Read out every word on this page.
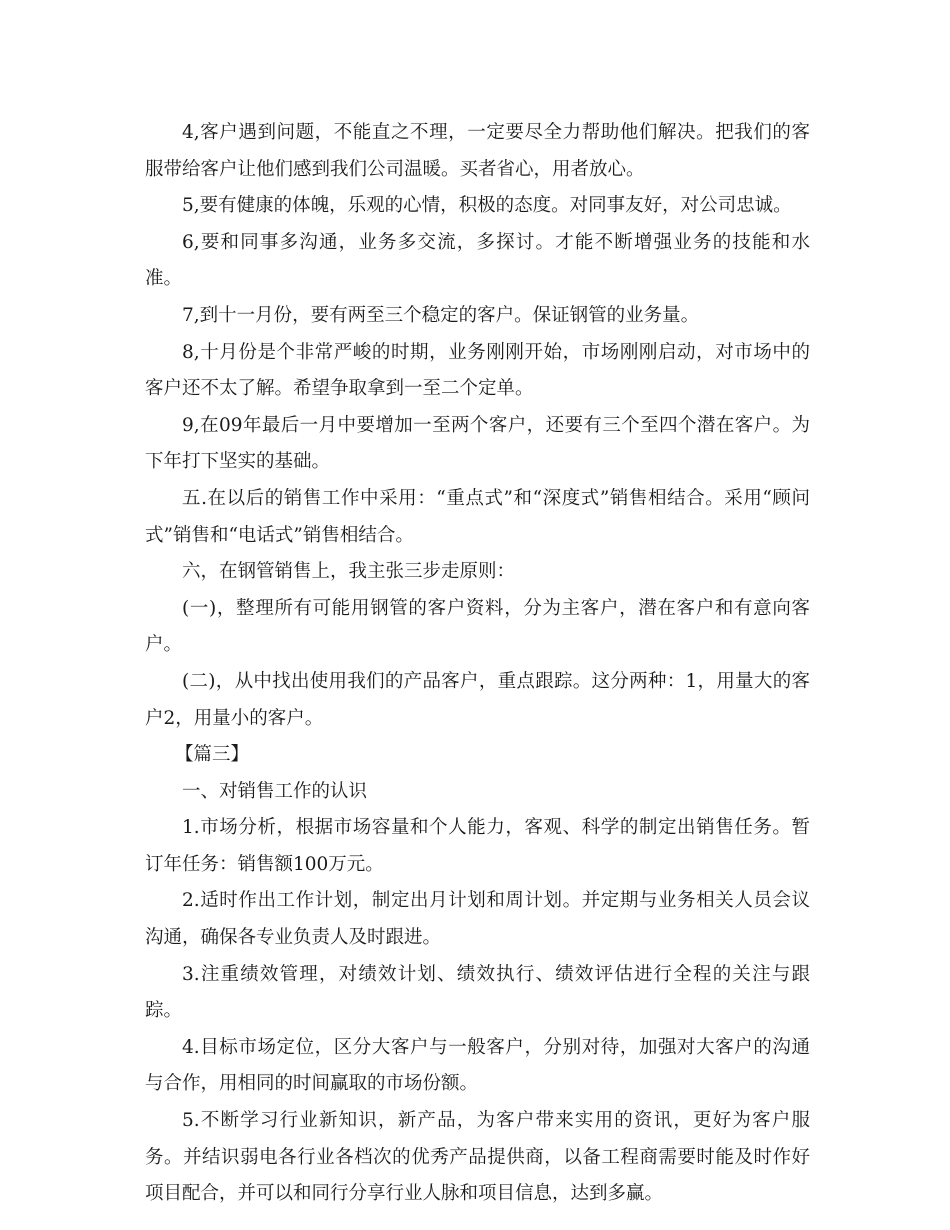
4,客户遇到问题，不能直之不理，一定要尽全力帮助他们解决。把我们的客服带给客户让他们感到我们公司温暖。买者省心，用者放心。

5,要有健康的体魄，乐观的心情，积极的态度。对同事友好，对公司忠诚。

6,要和同事多沟通，业务多交流，多探讨。才能不断增强业务的技能和水准。

7,到十一月份，要有两至三个稳定的客户。保证钢管的业务量。

8,十月份是个非常严峻的时期，业务刚刚开始，市场刚刚启动，对市场中的客户还不太了解。希望争取拿到一至二个定单。

9,在09年最后一月中要增加一至两个客户，还要有三个至四个潜在客户。为下年打下坚实的基础。

五.在以后的销售工作中采用：“重点式”和“深度式”销售相结合。采用“顾问式”销售和“电话式”销售相结合。

六，在钢管销售上，我主张三步走原则：

(一)，整理所有可能用钢管的客户资料，分为主客户，潜在客户和有意向客户。

(二)，从中找出使用我们的产品客户，重点跟踪。这分两种：1，用量大的客户2，用量小的客户。

【篇三】

一、对销售工作的认识

1.市场分析，根据市场容量和个人能力，客观、科学的制定出销售任务。暂订年任务：销售额100万元。

2.适时作出工作计划，制定出月计划和周计划。并定期与业务相关人员会议沟通，确保各专业负责人及时跟进。

3.注重绩效管理，对绩效计划、绩效执行、绩效评估进行全程的关注与跟踪。

4.目标市场定位，区分大客户与一般客户，分别对待，加强对大客户的沟通与合作，用相同的时间赢取的市场份额。

5.不断学习行业新知识，新产品，为客户带来实用的资讯，更好为客户服务。并结识弱电各行业各档次的优秀产品提供商，以备工程商需要时能及时作好项目配合，并可以和同行分享行业人脉和项目信息，达到多赢。
